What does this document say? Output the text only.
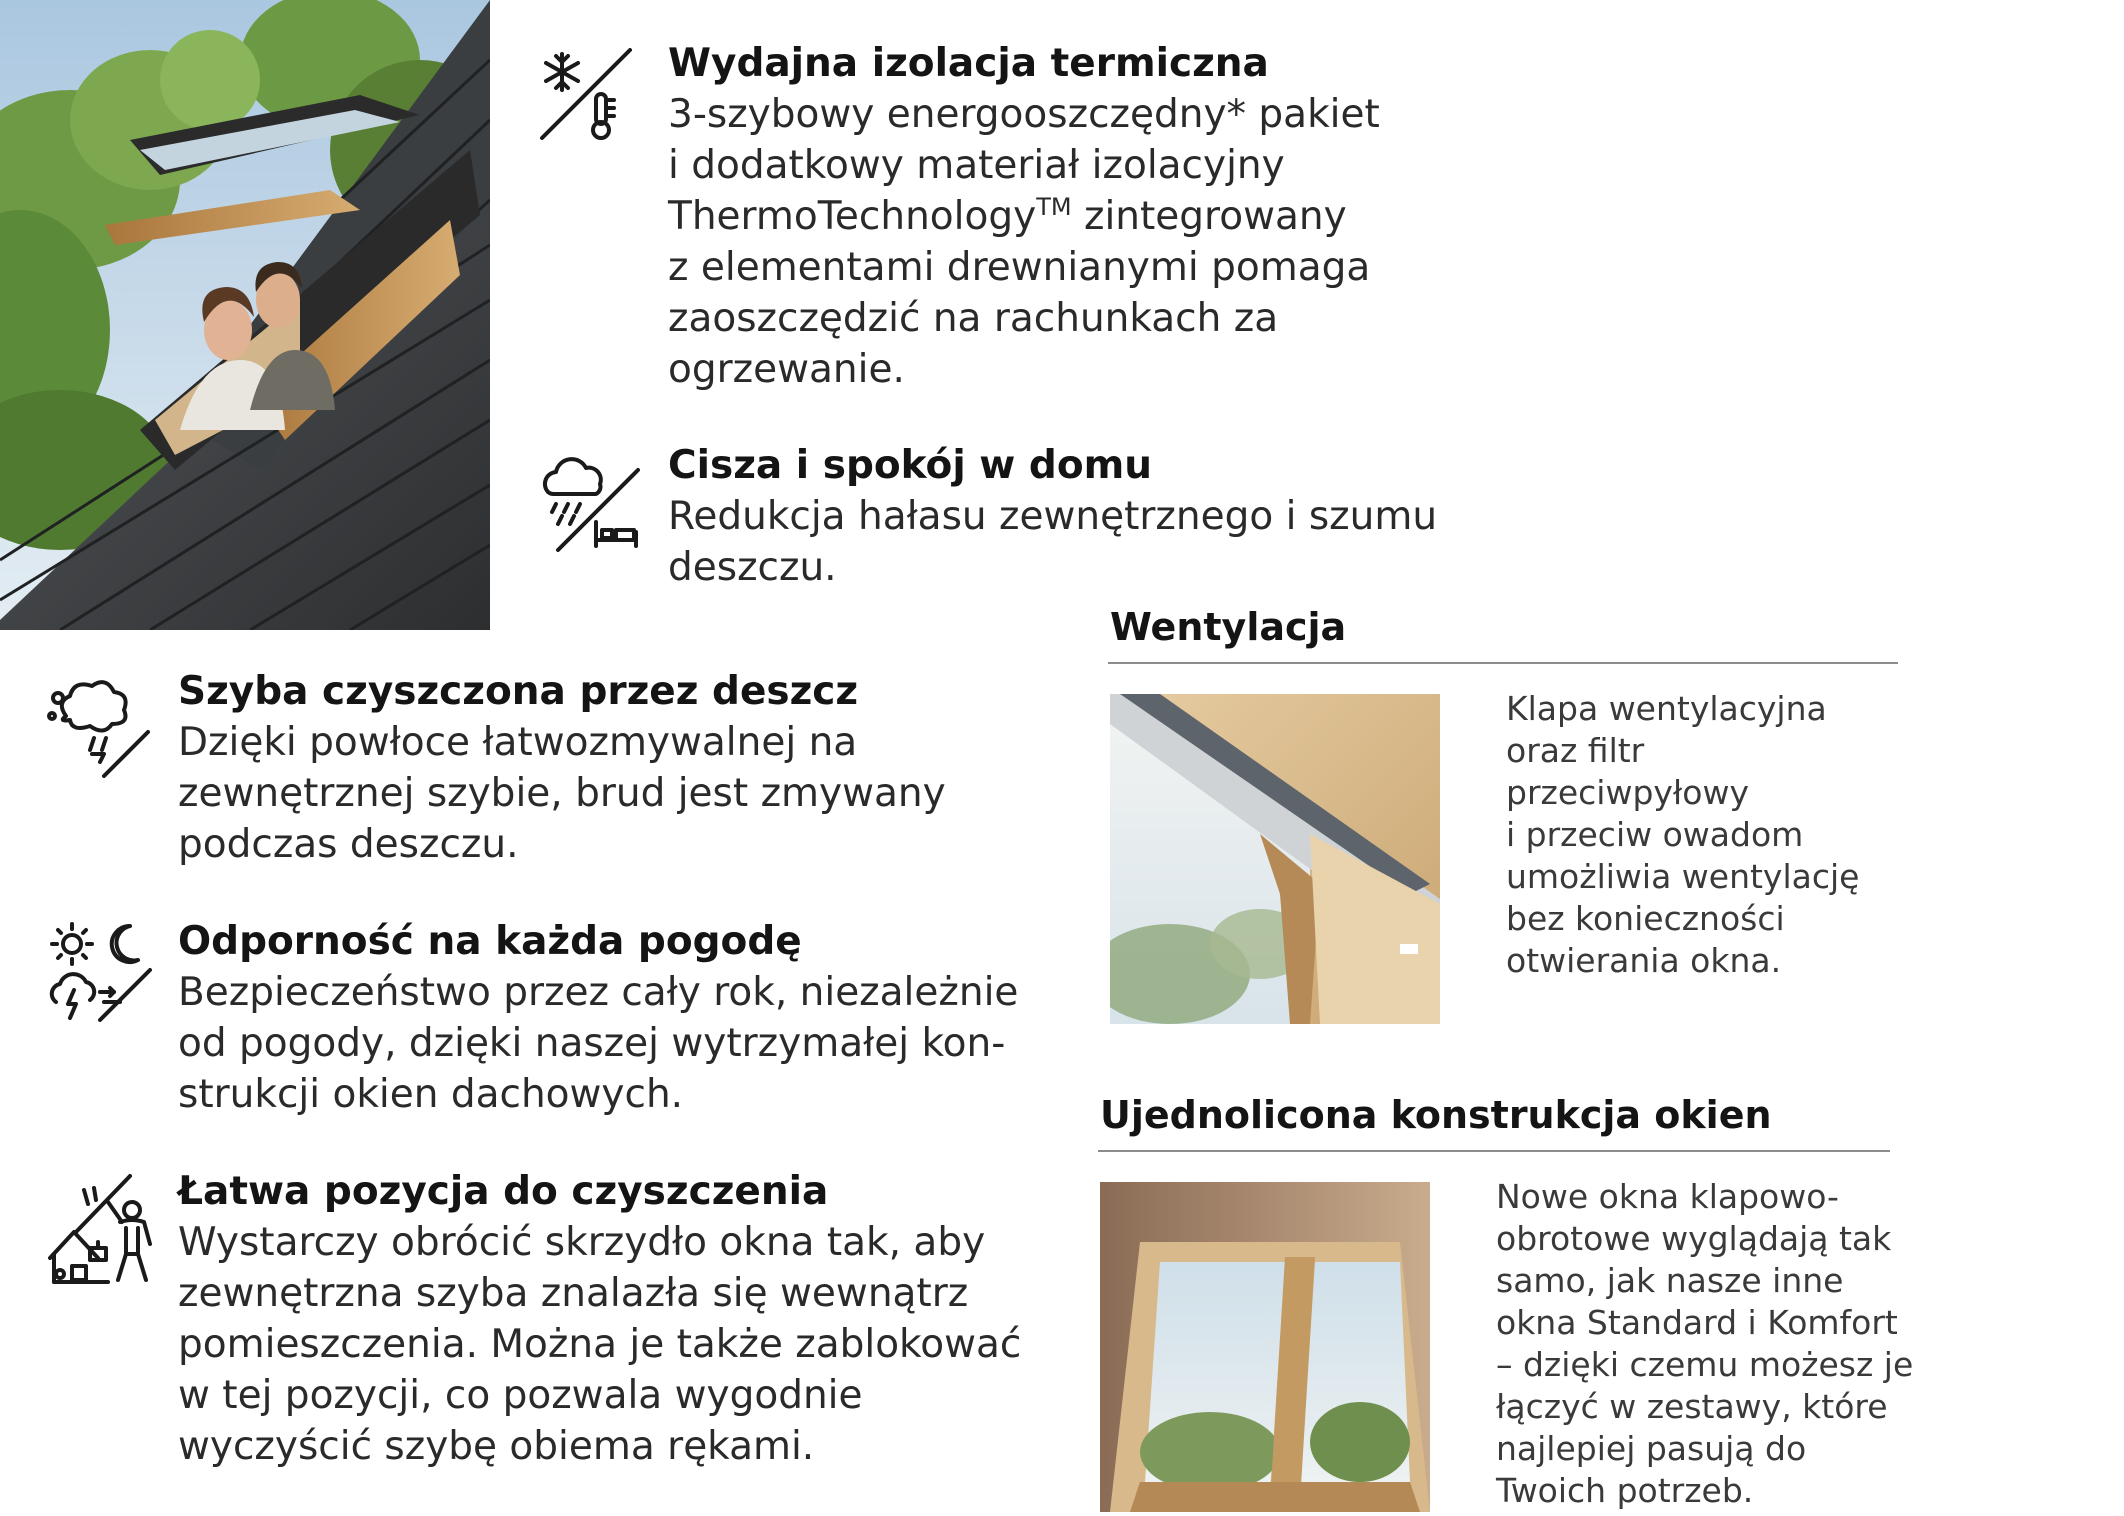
Wydajna izolacja termiczna
3-szybowy energooszczędny* pakiet
i dodatkowy materiał izolacyjny
ThermoTechnology™ zintegrowany
z elementami drewnianymi pomaga
zaoszczędzić na rachunkach za
ogrzewanie.
Cisza i spokój w domu
Redukcja hałasu zewnętrznego i szumu
deszczu.
Szyba czyszczona przez deszcz
Dzięki powłoce łatwozmywalnej na
zewnętrznej szybie, brud jest zmywany
podczas deszczu.
Odporność na każda pogodę
Bezpieczeństwo przez cały rok, niezależnie
od pogody, dzięki naszej wytrzymałej kon-
strukcji okien dachowych.
Łatwa pozycja do czyszczenia
Wystarczy obrócić skrzydło okna tak, aby
zewnętrzna szyba znalazła się wewnątrz
pomieszczenia. Można je także zablokować
w tej pozycji, co pozwala wygodnie
wyczyścić szybę obiema rękami.
Wentylacja
Klapa wentylacyjna
oraz filtr
przeciwpyłowy
i przeciw owadom
umożliwia wentylację
bez konieczności
otwierania okna.
Ujednolicona konstrukcja okien
Nowe okna klapowo-
obrotowe wyglądają tak
samo, jak nasze inne
okna Standard i Komfort
– dzięki czemu możesz je
łączyć w zestawy, które
najlepiej pasują do
Twoich potrzeb.
